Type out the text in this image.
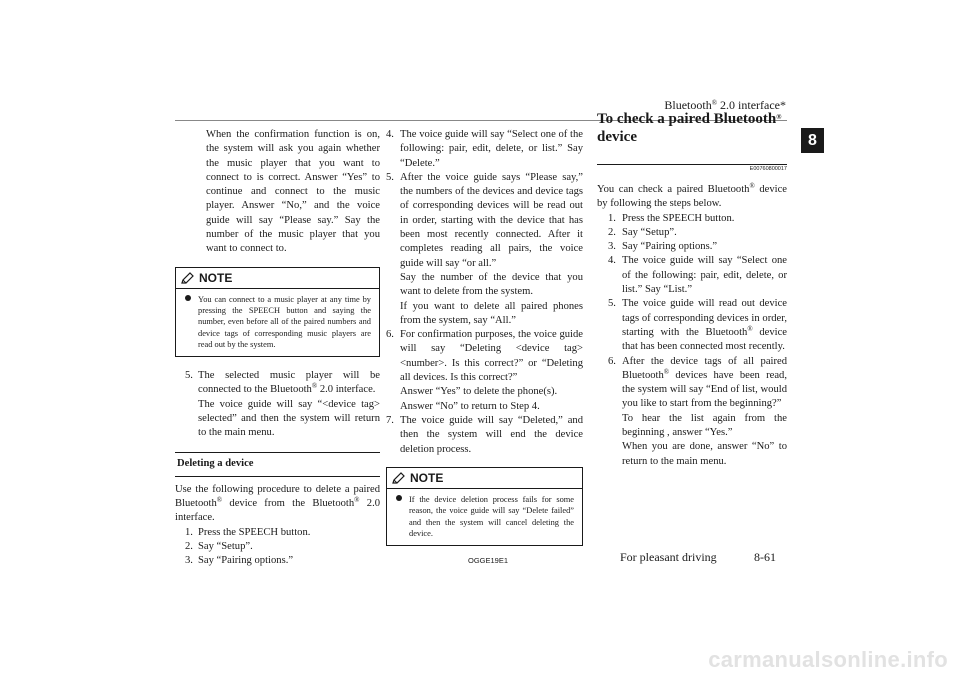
Bluetooth® 2.0 interface*
8

When the confirmation function is on, the system will ask you again whether the music player that you want to connect to is correct. Answer “Yes” to continue and connect to the music player. Answer “No,” and the voice guide will say “Please say.” Say the number of the music player that you want to connect to.

NOTE
You can connect to a music player at any time by pressing the SPEECH button and saying the number, even before all of the paired numbers and device tags of corresponding music players are read out by the system.
5. The selected music player will be connected to the Bluetooth® 2.0 interface.

The voice guide will say “<device tag> selected” and then the system will return to the main menu.

Deleting a device

Use the following procedure to delete a paired Bluetooth® device from the Bluetooth® 2.0 interface.

1. Press the SPEECH button.
2. Say “Setup”.
3. Say “Pairing options.”
4. The voice guide will say “Select one of the following: pair, edit, delete, or list.” Say “Delete.”
5. After the voice guide says “Please say,” the numbers of the devices and device tags of corresponding devices will be read out in order, starting with the device that has been most recently connected. After it completes reading all pairs, the voice guide will say “or all.”

Say the number of the device that you want to delete from the system.

If you want to delete all paired phones from the system, say “All.”

6. For confirmation purposes, the voice guide will say “Deleting <device tag> <number>. Is this correct?” or “Deleting all devices. Is this correct?”

Answer “Yes” to delete the phone(s).

Answer “No” to return to Step 4.

7. The voice guide will say “Deleted,” and then the system will end the device deletion process.
NOTE
If the device deletion process fails for some reason, the voice guide will say “Delete failed” and then the system will cancel deleting the device.
To check a paired Bluetooth® device
E00760800017

You can check a paired Bluetooth® device by following the steps below.

1. Press the SPEECH button.
2. Say “Setup”.
3. Say “Pairing options.”
4. The voice guide will say “Select one of the following: pair, edit, delete, or list.” Say “List.”
5. The voice guide will read out device tags of corresponding devices in order, starting with the Bluetooth® device that has been connected most recently.
6. After the device tags of all paired Bluetooth® devices have been read, the system will say “End of list, would you like to start from the beginning?”

To hear the list again from the beginning , answer “Yes.”

When you are done, answer “No” to return to the main menu.

OGGE19E1	For pleasant driving	8-61
carmanualsonline.info
